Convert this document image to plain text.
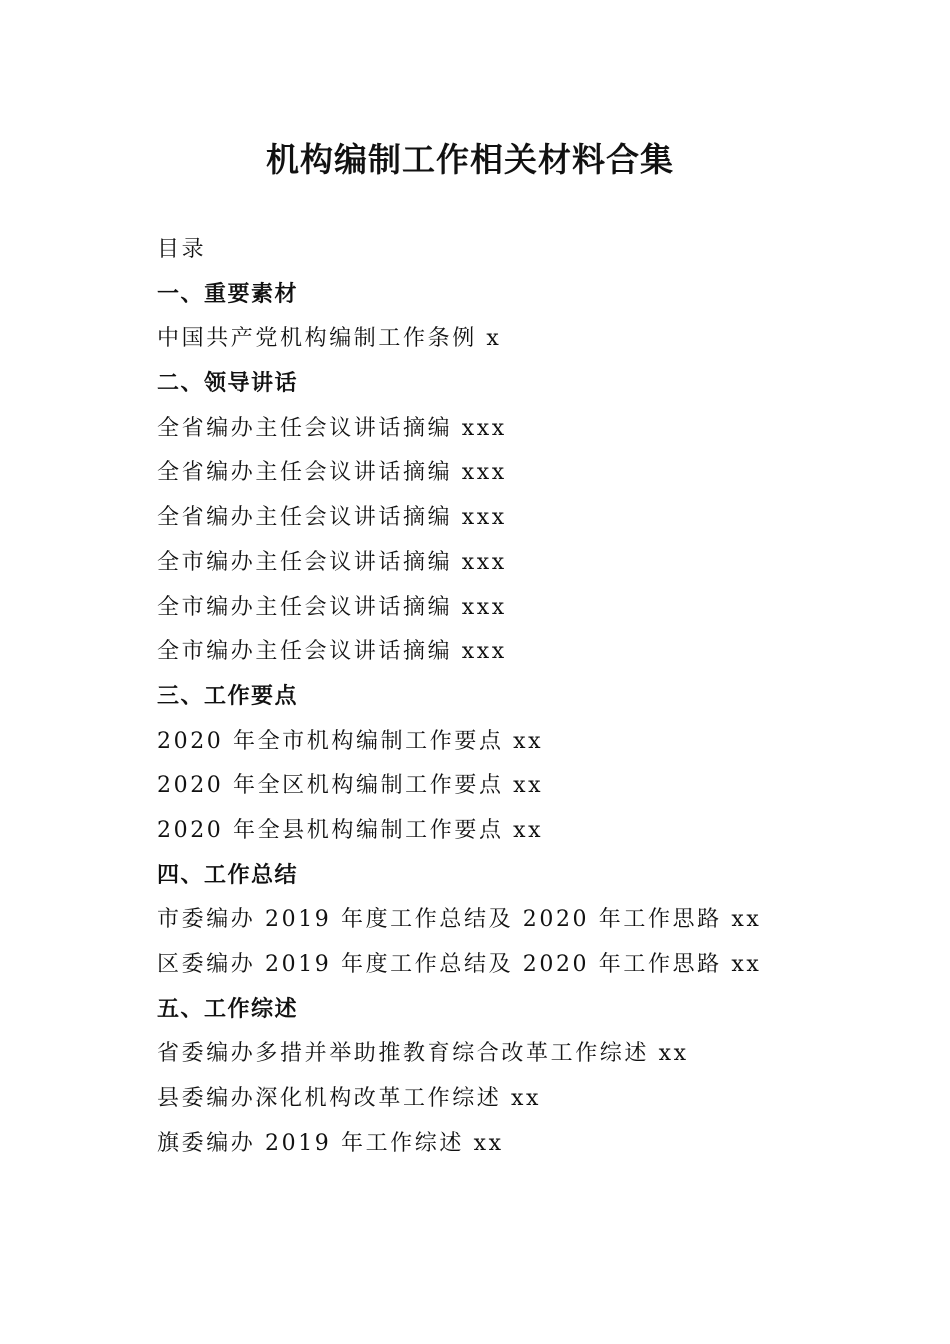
机构编制工作相关材料合集
目录
一、重要素材
中国共产党机构编制工作条例 x
二、领导讲话
全省编办主任会议讲话摘编 xxx
全省编办主任会议讲话摘编 xxx
全省编办主任会议讲话摘编 xxx
全市编办主任会议讲话摘编 xxx
全市编办主任会议讲话摘编 xxx
全市编办主任会议讲话摘编 xxx
三、工作要点
2020 年全市机构编制工作要点 xx
2020 年全区机构编制工作要点 xx
2020 年全县机构编制工作要点 xx
四、工作总结
市委编办 2019 年度工作总结及 2020 年工作思路 xx
区委编办 2019 年度工作总结及 2020 年工作思路 xx
五、工作综述
省委编办多措并举助推教育综合改革工作综述 xx
县委编办深化机构改革工作综述 xx
旗委编办 2019 年工作综述 xx
